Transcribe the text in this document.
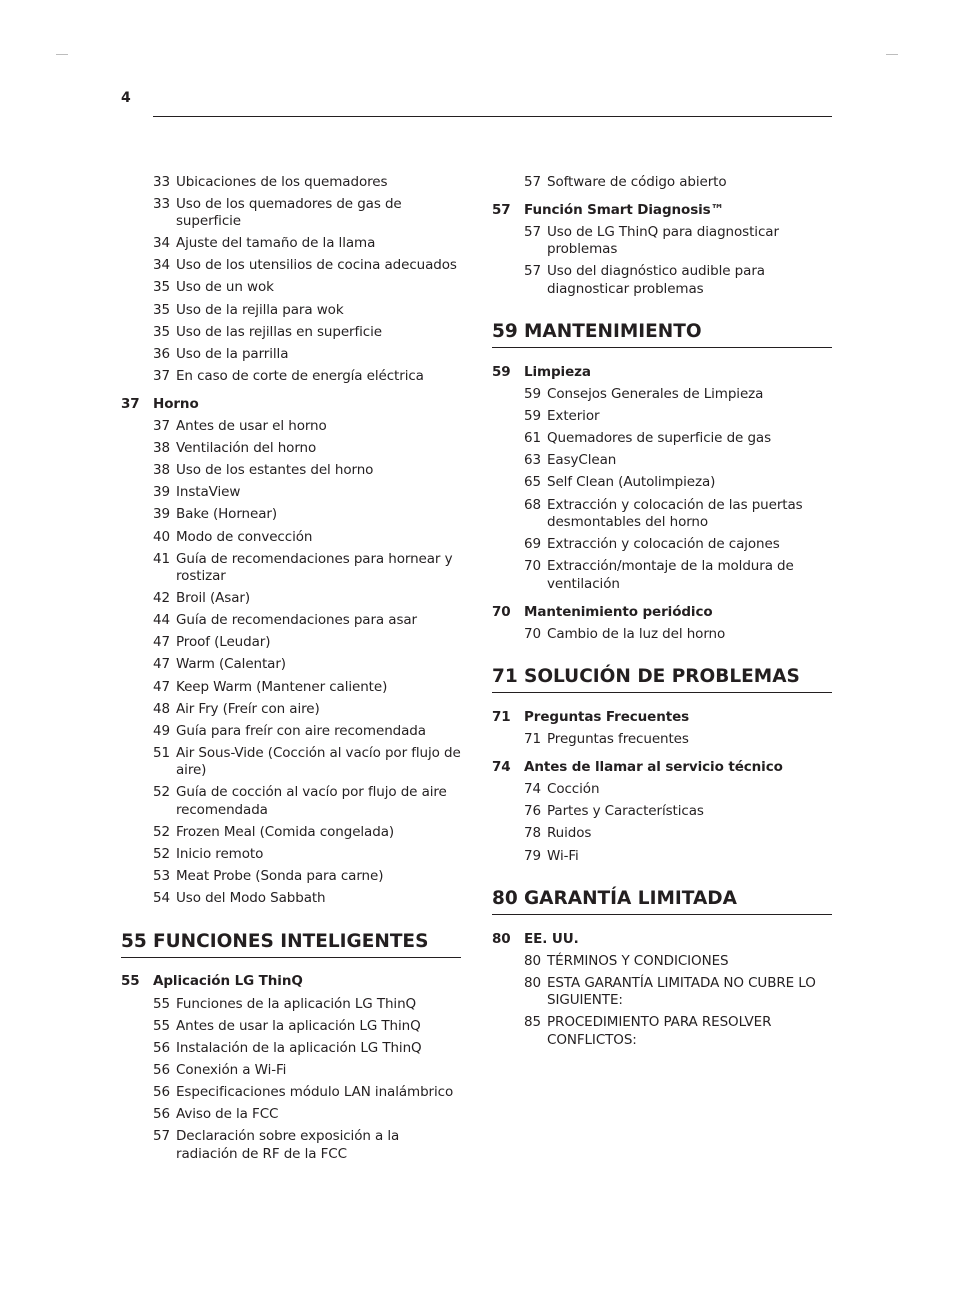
4
33 Ubicaciones de los quemadores
33 Uso de los quemadores de gas de superficie
34 Ajuste del tamaño de la llama
34 Uso de los utensilios de cocina adecuados
35 Uso de un wok
35 Uso de la rejilla para wok
35 Uso de las rejillas en superficie
36 Uso de la parrilla
37 En caso de corte de energía eléctrica
37 Horno
37 Antes de usar el horno
38 Ventilación del horno
38 Uso de los estantes del horno
39 InstaView
39 Bake (Hornear)
40 Modo de convección
41 Guía de recomendaciones para hornear y rostizar
42 Broil (Asar)
44 Guía de recomendaciones para asar
47 Proof (Leudar)
47 Warm (Calentar)
47 Keep Warm (Mantener caliente)
48 Air Fry (Freír con aire)
49 Guía para freír con aire recomendada
51 Air Sous-Vide (Cocción al vacío por flujo de aire)
52 Guía de cocción al vacío por flujo de aire recomendada
52 Frozen Meal (Comida congelada)
52 Inicio remoto
53 Meat Probe (Sonda para carne)
54 Uso del Modo Sabbath
55 FUNCIONES INTELIGENTES
55 Aplicación LG ThinQ
55 Funciones de la aplicación LG ThinQ
55 Antes de usar la aplicación LG ThinQ
56 Instalación de la aplicación LG ThinQ
56 Conexión a Wi-Fi
56 Especificaciones módulo LAN inalámbrico
56 Aviso de la FCC
57 Declaración sobre exposición a la radiación de RF de la FCC
57 Software de código abierto
57 Función Smart Diagnosis™
57 Uso de LG ThinQ para diagnosticar problemas
57 Uso del diagnóstico audible para diagnosticar problemas
59 MANTENIMIENTO
59 Limpieza
59 Consejos Generales de Limpieza
59 Exterior
61 Quemadores de superficie de gas
63 EasyClean
65 Self Clean (Autolimpieza)
68 Extracción y colocación de las puertas desmontables del horno
69 Extracción y colocación de cajones
70 Extracción/montaje de la moldura de ventilación
70 Mantenimiento periódico
70 Cambio de la luz del horno
71 SOLUCIÓN DE PROBLEMAS
71 Preguntas Frecuentes
71 Preguntas frecuentes
74 Antes de llamar al servicio técnico
74 Cocción
76 Partes y Características
78 Ruidos
79 Wi-Fi
80 GARANTÍA LIMITADA
80 EE. UU.
80 TÉRMINOS Y CONDICIONES
80 ESTA GARANTÍA LIMITADA NO CUBRE LO SIGUIENTE:
85 PROCEDIMIENTO PARA RESOLVER CONFLICTOS:
